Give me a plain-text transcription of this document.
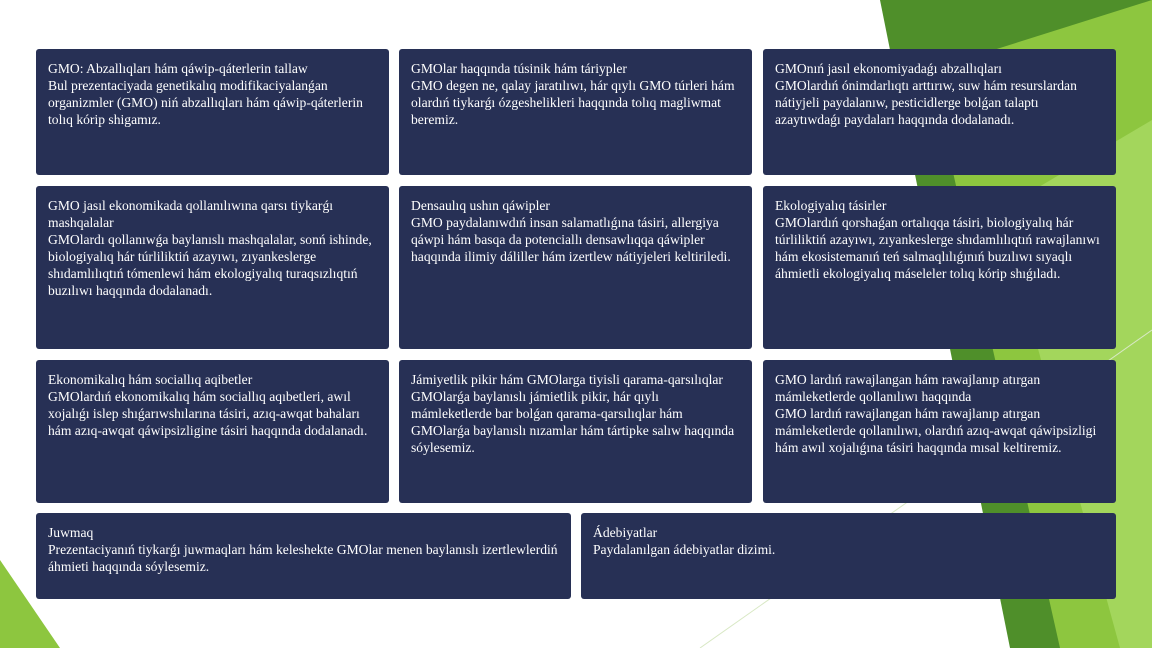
GMO: Abzallıqları hám qáwip-qáterlerin tallaw
Bul prezentaciyada genetikalıq modifikaciyalanǵan organizmler (GMO) niń abzallıqları hám qáwip-qáterlerin tolıq kórip shigamız.
GMOlar haqqında túsinik hám táriypler
GMO degen ne, qalay jaratılıwı, hár qıylı GMO túrleri hám olardıń tiykarǵı ózgeshelikleri haqqında tolıq magliwmat beremiz.
GMOnıń jasıl ekonomiyadaǵı abzallıqları
GMOlardıń ónimdarlıqtı arttırıw, suw hám resurslardan nátiyjeli paydalanıw, pesticidlerge bolǵan talaptı azaytıwdaǵı paydaları haqqında dodalanadı.
GMO jasıl ekonomikada qollanılıwına qarsı tiykarǵı mashqalalar
GMOlardı qollanıwǵa baylanıslı mashqalalar, sonń ishinde, biologiyalıq hár túrliliktiń azayıwı, zıyankeslerge shıdamlılıqtıń tómenlewi hám ekologiyalıq turaqsızlıqtıń buzılıwı haqqında dodalanadı.
Densaulıq ushın qáwipler
GMO paydalanıwdıń insan salamatlıǵına tásiri, allergiya qáwpi hám basqa da potenciallı densawlıqqa qáwipler haqqında ilimiy dáliller hám izertlew nátiyjeleri keltiriledi.
Ekologiyalıq tásirler
GMOlardıń qorshaǵan ortalıqqa tásiri, biologiyalıq hár túrliliktiń azayıwı, zıyankeslerge shıdamlılıqtıń rawajlanıwı hám ekosistemanıń teń salmaqlılıǵınıń buzılıwı sıyaqlı áhmietli ekologiyalıq máseleler tolıq kórip shıǵıladı.
Ekonomikalıq hám sociallıq aqibetler
GMOlardıń ekonomikalıq hám sociallıq aqıbetleri, awıl xojalıǵı islep shıǵarıwshılarına tásiri, azıq-awqat bahaları hám azıq-awqat qáwipsizligine tásiri haqqında dodalanadı.
Jámiyetlik pikir hám GMOlarga tiyisli qarama-qarsılıqlar
GMOlarǵa baylanıslı jámietlik pikir, hár qıylı mámleketlerde bar bolǵan qarama-qarsılıqlar hám GMOlarǵa baylanıslı nızamlar hám tártipke salıw haqqında sóylesemiz.
GMO lardıń rawajlangan hám rawajlanıp atırgan mámleketlerde qollanılıwı haqqında
GMO lardıń rawajlangan hám rawajlanıp atırgan mámleketlerde qollanılıwı, olardıń azıq-awqat qáwipsizligi hám awıl xojalıǵına tásiri haqqında mısal keltiremiz.
Juwmaq
Prezentaciyanıń tiykarǵı juwmaqları hám keleshekte GMOlar menen baylanıslı izertlewlerdiń áhmieti haqqında sóylesemiz.
Ádebiyatlar
Paydalanılgan ádebiyatlar dizimi.
